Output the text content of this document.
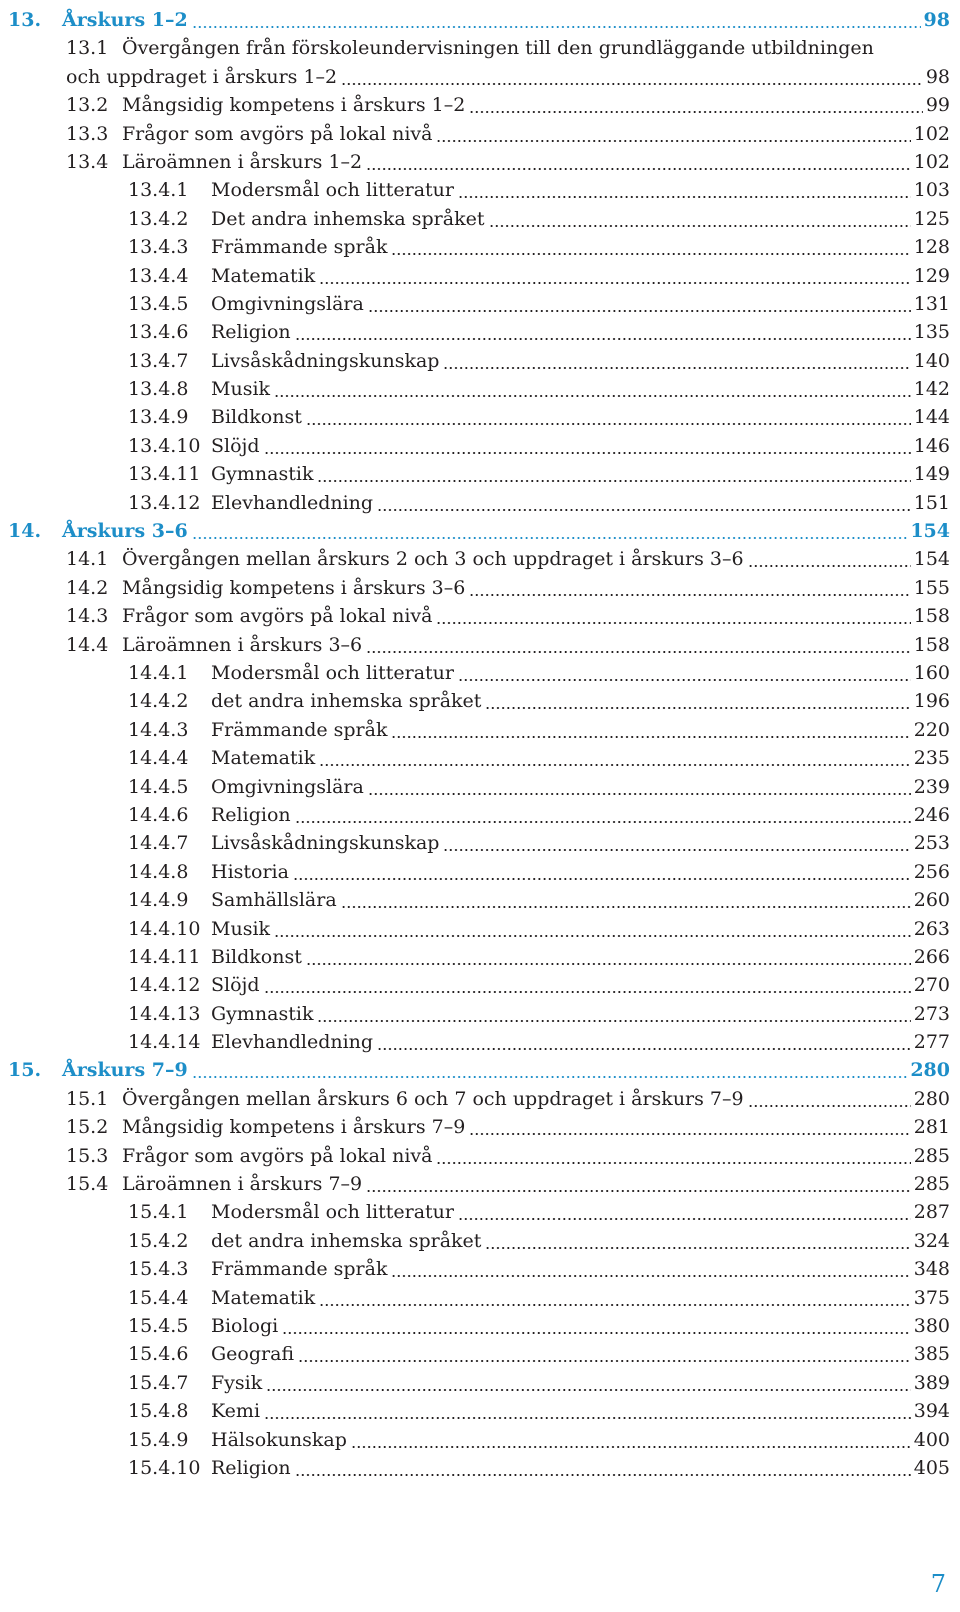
13. Årskurs 1–2	98
13.1 Övergången från förskoleundervisningen till den grundläggande utbildningen
och uppdraget i årskurs 1–2	98
13.2 Mångsidig kompetens i årskurs 1–2	99
13.3 Frågor som avgörs på lokal nivå	102
13.4 Läroämnen i årskurs 1–2	102
13.4.1 Modersmål och litteratur	103
13.4.2 Det andra inhemska språket	125
13.4.3 Främmande språk	128
13.4.4 Matematik	129
13.4.5 Omgivningslära	131
13.4.6 Religion	135
13.4.7 Livsåskådningskunskap	140
13.4.8 Musik	142
13.4.9 Bildkonst	144
13.4.10 Slöjd	146
13.4.11 Gymnastik	149
13.4.12 Elevhandledning	151
14. Årskurs 3–6	154
14.1 Övergången mellan årskurs 2 och 3 och uppdraget i årskurs 3–6	154
14.2 Mångsidig kompetens i årskurs 3–6	155
14.3 Frågor som avgörs på lokal nivå	158
14.4 Läroämnen i årskurs 3–6	158
14.4.1 Modersmål och litteratur	160
14.4.2 det andra inhemska språket	196
14.4.3 Främmande språk	220
14.4.4 Matematik	235
14.4.5 Omgivningslära	239
14.4.6 Religion	246
14.4.7 Livsåskådningskunskap	253
14.4.8 Historia	256
14.4.9 Samhällslära	260
14.4.10 Musik	263
14.4.11 Bildkonst	266
14.4.12 Slöjd	270
14.4.13 Gymnastik	273
14.4.14 Elevhandledning	277
15. Årskurs 7–9	280
15.1 Övergången mellan årskurs 6 och 7 och uppdraget i årskurs 7–9	280
15.2 Mångsidig kompetens i årskurs 7–9	281
15.3 Frågor som avgörs på lokal nivå	285
15.4 Läroämnen i årskurs 7–9	285
15.4.1 Modersmål och litteratur	287
15.4.2 det andra inhemska språket	324
15.4.3 Främmande språk	348
15.4.4 Matematik	375
15.4.5 Biologi	380
15.4.6 Geografi	385
15.4.7 Fysik	389
15.4.8 Kemi	394
15.4.9 Hälsokunskap	400
15.4.10 Religion	405
7
